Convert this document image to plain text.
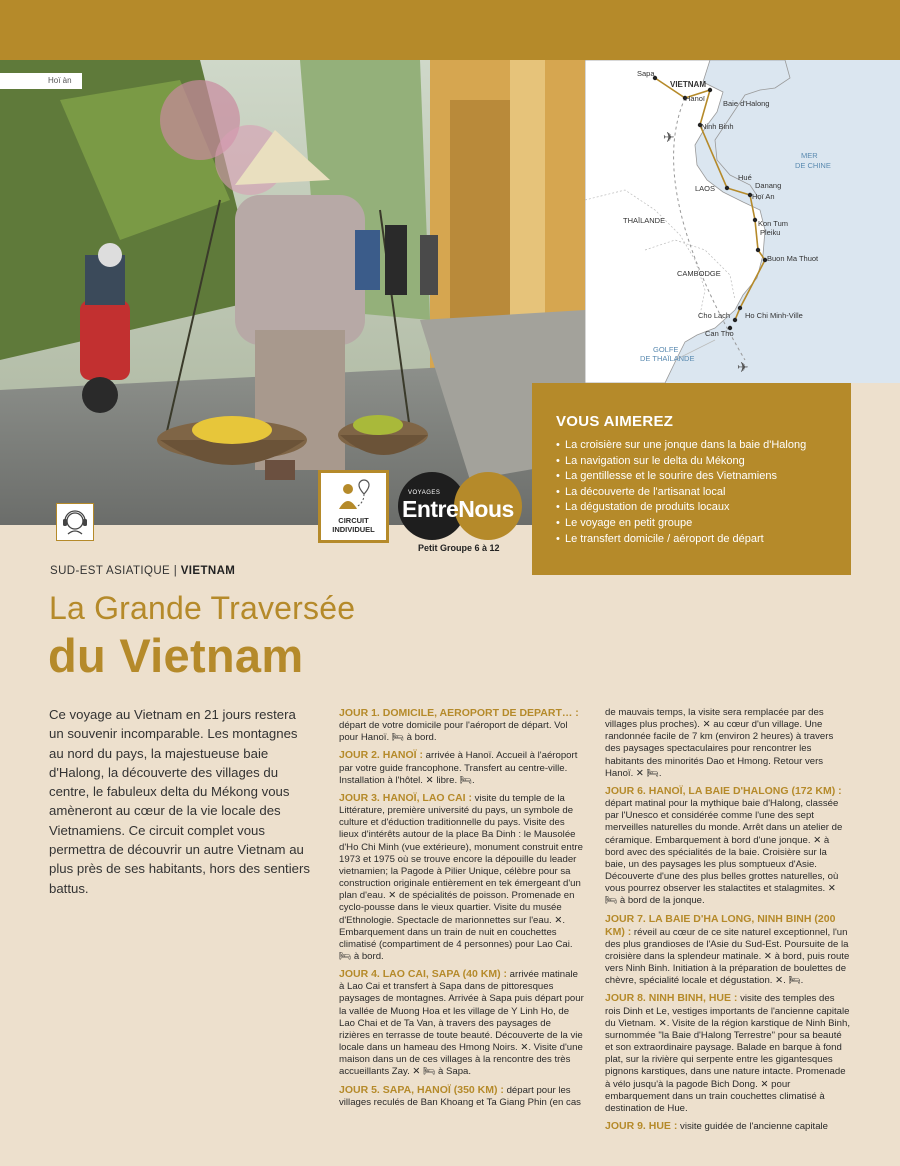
Hoï àn
✈
✈
Sapa
VIETNAM
Hanoï
Baie d'Halong
Ninh Binh
MER
DE CHINE
Hué
Danang
Hoï An
LAOS
THAÏLANDE	Kon Tum
Pleiku
CAMBODGE
Buon Ma Thuot
Ho Chi Minh-Ville
Cho Lach
Can Tho
GOLFE
DE THAÏLANDE
VOUS AIMEREZ
• La croisière sur une jonque dans la baie d'Halong
• La navigation sur le delta du Mékong
• La gentillesse et le sourire des Vietnamiens
• La découverte de l'artisanat local
• La dégustation de produits locaux
• Le voyage en petit groupe
• Le transfert domicile / aéroport de départ
CIRCUIT
INDIVIDUEL
VOYAGES
EntreNous
Petit Groupe 6 à 12
SUD-EST ASIATIQUE | VIETNAM
La Grande Traversée
du Vietnam
Ce voyage au Vietnam en 21 jours restera un souvenir incomparable. Les montagnes au nord du pays, la majestueuse baie d'Halong, la découverte des villages du centre, le fabuleux delta du Mékong vous amèneront au cœur de la vie locale des Vietnamiens. Ce circuit complet vous permettra de découvrir un autre Vietnam au plus près de ses habitants, hors des sentiers battus.

JOUR 1. DOMICILE, AEROPORT DE DEPART… : départ de votre domicile pour l'aéroport de départ. Vol pour Hanoï. 🛏 à bord.

JOUR 2. HANOÏ : arrivée à Hanoï. Accueil à l'aéroport par votre guide francophone. Transfert au centre-ville. Installation à l'hôtel. ✕ libre. 🛏.

JOUR 3. HANOÏ, LAO CAI : visite du temple de la Littérature, première université du pays, un symbole de culture et d'éduction traditionnelle du pays. Visite des lieux d'intérêts autour de la place Ba Dinh : le Mausolée d'Ho Chi Minh (vue extérieure), monument construit entre 1973 et 1975 où se trouve encore la dépouille du leader vietnamien; la Pagode à Pilier Unique, célèbre pour sa construction originale entièrement en tek émergeant d'un plan d'eau. ✕ de spécialités de poisson. Promenade en cyclo-pousse dans le vieux quartier. Visite du musée d'Ethnologie. Spectacle de marionnettes sur l'eau. ✕. Embarquement dans un train de nuit en couchettes climatisé (compartiment de 4 personnes) pour Lao Cai. 🛏 à bord.

JOUR 4. LAO CAI, SAPA (40 KM) : arrivée matinale à Lao Cai et transfert à Sapa dans de pittoresques paysages de montagnes. Arrivée à Sapa puis départ pour la vallée de Muong Hoa et les village de Y Linh Ho, de Lao Chai et de Ta Van, à travers des paysages de rizières en terrasse de toute beauté. Découverte de la vie locale dans un hameau des Hmong Noirs. ✕. Visite d'une maison dans un de ces villages à la rencontre des très accueillants Zay. ✕ 🛏 à Sapa.

JOUR 5. SAPA, HANOÏ (350 KM) : départ pour les villages reculés de Ban Khoang et Ta Giang Phin (en cas

de mauvais temps, la visite sera remplacée par des villages plus proches). ✕ au cœur d'un village. Une randonnée facile de 7 km (environ 2 heures) à travers des paysages spectaculaires pour rencontrer les habitants des minorités Dao et Hmong. Retour vers Hanoï. ✕ 🛏.

JOUR 6. HANOÏ, LA BAIE D'HALONG (172 KM) : départ matinal pour la mythique baie d'Halong, classée par l'Unesco et considérée comme l'une des sept merveilles naturelles du monde. Arrêt dans un atelier de céramique. Embarquement à bord d'une jonque. ✕ à bord avec des spécialités de la baie. Croisière sur la baie, un des paysages les plus somptueux d'Asie. Découverte d'une des plus belles grottes naturelles, où vous pourrez observer les stalactites et stalagmites. ✕ 🛏 à bord de la jonque.

JOUR 7. LA BAIE D'HA LONG, NINH BINH (200 KM) : réveil au cœur de ce site naturel exceptionnel, l'un des plus grandioses de l'Asie du Sud-Est. Poursuite de la croisière dans la splendeur matinale. ✕ à bord, puis route vers Ninh Binh. Initiation à la préparation de boulettes de chèvre, spécialité locale et dégustation. ✕. 🛏.

JOUR 8. NINH BINH, HUE : visite des temples des rois Dinh et Le, vestiges importants de l'ancienne capitale du Vietnam. ✕. Visite de la région karstique de Ninh Binh, surnommée "la Baie d'Halong Terrestre" pour sa beauté et son extraordinaire paysage. Balade en barque à fond plat, sur la rivière qui serpente entre les gigantesques pignons karstiques, dans une nature intacte. Promenade à vélo jusqu'à la pagode Bich Dong. ✕ pour embarquement dans un train couchettes climatisé à destination de Hue.

JOUR 9. HUE : visite guidée de l'ancienne capitale
